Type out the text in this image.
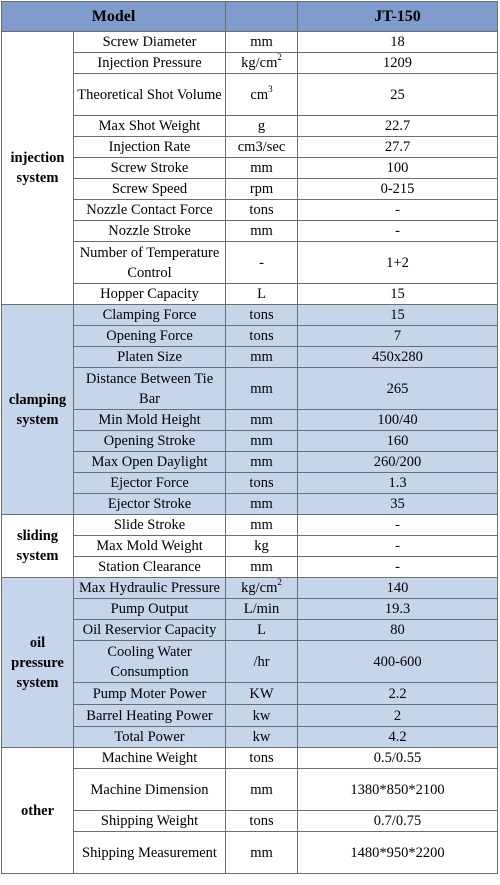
Model			JT-150
injection
system	Screw Diameter	mm	18
	Injection Pressure	$kg/cm^2$	1209
	Theoretical Shot Volume	$cm^3$	25
	Max Shot Weight	g	22.7
	Injection Rate	cm3/sec	27.7
	Screw Stroke	mm	100
	Screw Speed	rpm	0-215
	Nozzle Contact Force	tons	-
	Nozzle Stroke	mm	-
	Number of Temperature Control	-	1+2
	Hopper Capacity	L	15
clamping
system	Clamping Force	tons	15
	Opening Force	tons	7
	Platen Size	mm	450x280
	Distance Between Tie Bar	mm	265
	Min Mold Height	mm	100/40
	Opening Stroke	mm	160
	Max Open Daylight	mm	260/200
	Ejector Force	tons	1.3
	Ejector Stroke	mm	35
sliding
system	Slide Stroke	mm	-
	Max Mold Weight	kg	-
	Station Clearance	mm	-
oil
pressure
system	Max Hydraulic Pressure	$kg/cm^2$	140
	Pump Output	L/min	19.3
	Oil Reservior Capacity	L	80
	Cooling Water Consumption	/hr	400-600
	Pump Moter Power	KW	2.2
	Barrel Heating Power	kw	2
	Total Power	kw	4.2
other	Machine Weight	tons	0.5/0.55
	Machine Dimension	mm	1380*850*2100
	Shipping Weight	tons	0.7/0.75
	Shipping Measurement	mm	1480*950*2200
